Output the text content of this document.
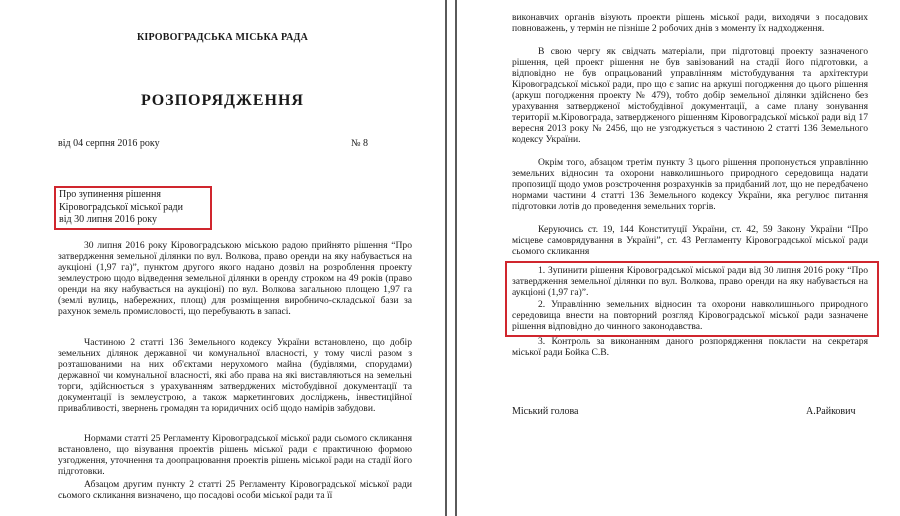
КІРОВОГРАДСЬКА МІСЬКА РАДА
РОЗПОРЯДЖЕННЯ
від 04 серпня 2016 року	№ 8
Про зупинення рішення
Кіровоградської міської ради
від 30 липня 2016 року
30 липня 2016 року Кіровоградською міською радою прийнято рішення “Про затвердження земельної ділянки по вул. Волкова, право оренди на яку набувається на аукціоні (1,97 га)”, пунктом другого якого надано дозвіл на розроблення проекту землеустрою щодо відведення земельної ділянки в оренду строком на 49 років (право оренди на яку набувається на аукціоні) по вул. Волкова загальною площею 1,97 га (землі вулиць, набережних, площ) для розміщення виробничо-складської бази за рахунок земель промисловості, що перебувають в запасі.
Частиною 2 статті 136 Земельного кодексу України встановлено, що добір земельних ділянок державної чи комунальної власності, у тому числі разом з розташованими на них об'єктами нерухомого майна (будівлями, спорудами) державної чи комунальної власності, які або права на які виставляються на земельні торги, здійснюється з урахуванням затверджених містобудівної документації та документації із землеустрою, а також маркетингових досліджень, інвестиційної привабливості, звернень громадян та юридичних осіб щодо намірів забудови.
Нормами статті 25 Регламенту Кіровоградської міської ради сьомого скликання встановлено, що візування проектів рішень міської ради є практичною формою узгодження, уточнення та доопрацювання проектів рішень міської ради на стадії його підготовки.
Абзацом другим пункту 2 статті 25 Регламенту Кіровоградської міської ради сьомого скликання визначено, що посадові особи міської ради та її
виконавчих органів візують проекти рішень міської ради, виходячи з посадових повноважень, у термін не пізніше 2 робочих днів з моменту їх надходження.
В свою чергу як свідчать матеріали, при підготовці проекту зазначеного рішення, цей проект рішення не був завізований на стадії його підготовки, а відповідно не був опрацьований управлінням містобудування та архітектури Кіровоградської міської ради, про що є запис на аркуші погодження до цього рішення (аркуш погодження проекту № 479), тобто добір земельної ділянки здійснено без урахування затвердженої містобудівної документації, а саме плану зонування території м.Кіровограда, затвердженого рішенням Кіровоградської міської ради від 17 вересня 2013 року № 2456, що не узгоджується з частиною 2 статті 136 Земельного кодексу України.
Окрім того, абзацом третім пункту 3 цього рішення пропонується управлінню земельних відносин та охорони навколишнього природного середовища надати пропозиції щодо умов розстрочення розрахунків за придбаний лот, що не передбачено нормами частини 4 статті 136 Земельного кодексу України, яка регулює питання підготовки лотів до проведення земельних торгів.
Керуючись ст. 19, 144 Конституції України, ст. 42, 59 Закону України “Про місцеве самоврядування в Україні”, ст. 43 Регламенту Кіровоградської міської ради сьомого скликання
1. Зупинити рішення Кіровоградської міської ради від 30 липня 2016 року “Про затвердження земельної ділянки по вул. Волкова, право оренди на яку набувається на аукціоні (1,97 га)”.
2. Управлінню земельних відносин та охорони навколишнього природного середовища внести на повторний розгляд Кіровоградської міської ради зазначене рішення відповідно до чинного законодавства.
3. Контроль за виконанням даного розпорядження покласти на секретаря міської ради Бойка С.В.
Міський голова	А.Райкович
